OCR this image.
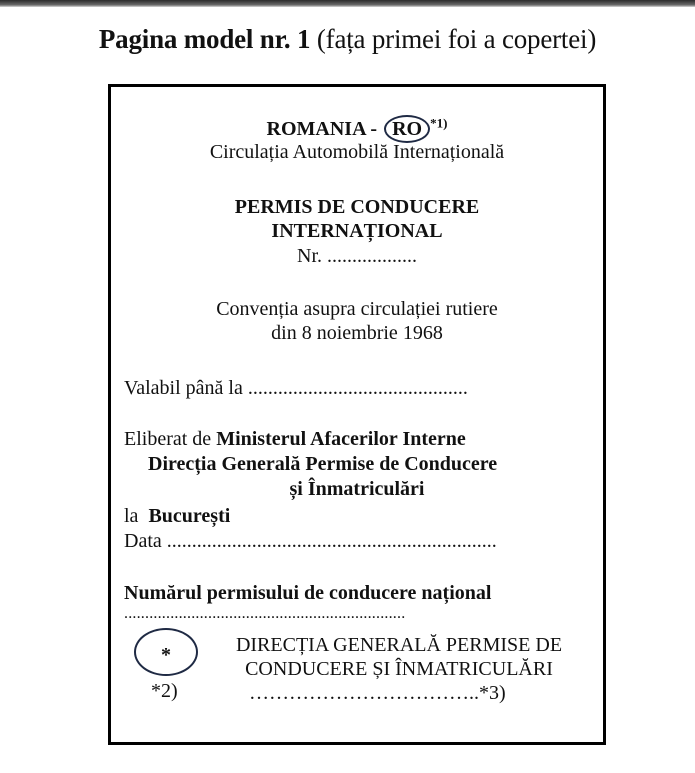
Pagina model nr. 1 (fața primei foi a copertei)
ROMANIA - RO $^{*1)}$
Circulația Automobilă Internațională
PERMIS DE CONDUCERE
INTERNAȚIONAL
Nr. ..................
Convenția asupra circulației rutiere
din 8 noiembrie 1968
Valabil până la ............................................
Eliberat de Ministerul Afacerilor Interne
Direcția Generală Permise de Conducere
și Înmatriculări
la București
Data ..................................................................
Numărul permisului de conducere național
...................................................................
*
*2)
DIRECȚIA GENERALĂ PERMISE DE
CONDUCERE ȘI ÎNMATRICULĂRI
……………………………..*3)
